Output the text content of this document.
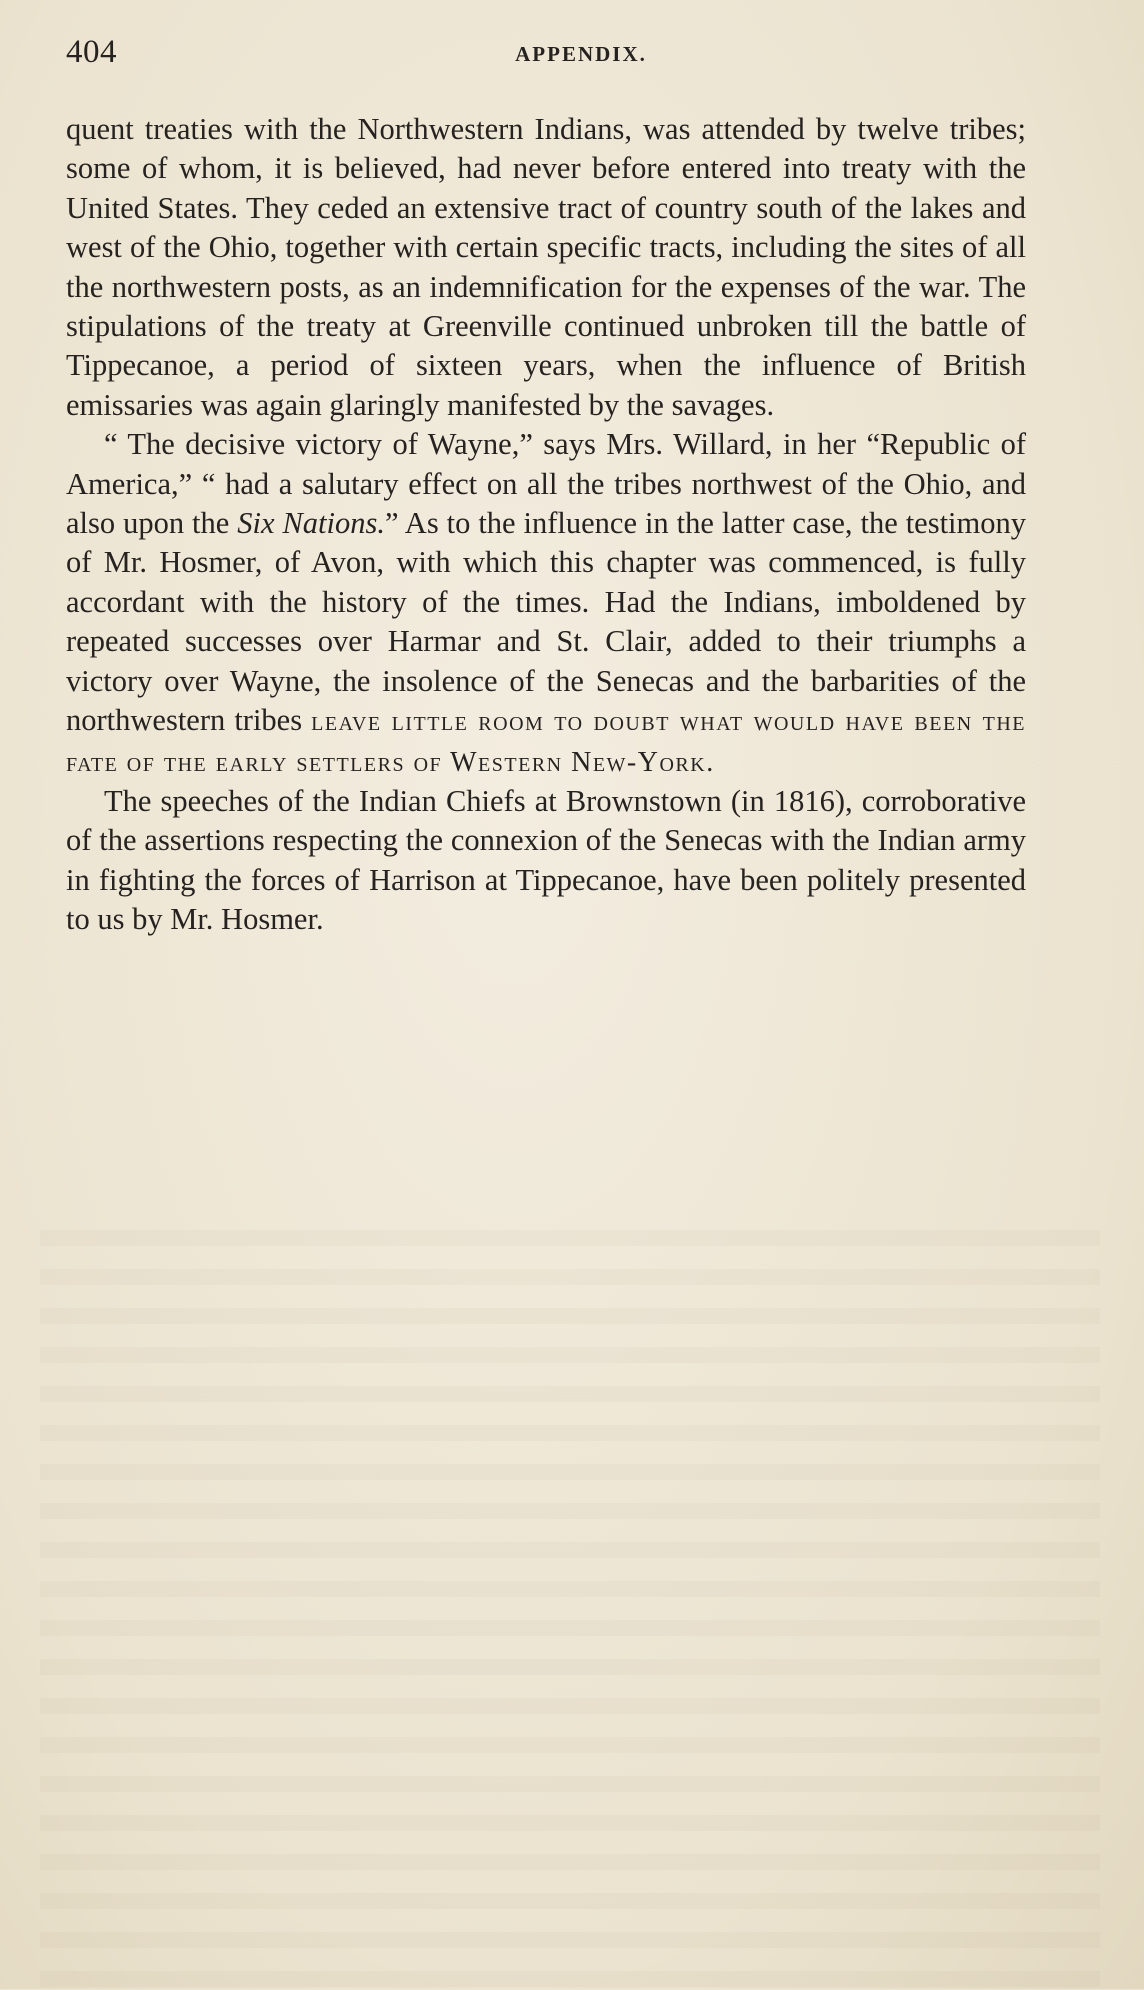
404	APPENDIX.

quent treaties with the Northwestern Indians, was attended by twelve tribes; some of whom, it is believed, had never before entered into treaty with the United States. They ceded an extensive tract of country south of the lakes and west of the Ohio, together with certain specific tracts, including the sites of all the northwestern posts, as an indemnification for the expenses of the war. The stipulations of the treaty at Greenville continued unbroken till the battle of Tippecanoe, a period of sixteen years, when the influence of British emissaries was again glaringly manifested by the savages.

“ The decisive victory of Wayne,” says Mrs. Willard, in her “Republic of America,” “ had a salutary effect on all the tribes northwest of the Ohio, and also upon the Six Nations.” As to the influence in the latter case, the testimony of Mr. Hosmer, of Avon, with which this chapter was commenced, is fully accordant with the history of the times. Had the Indians, imboldened by repeated successes over Harmar and St. Clair, added to their triumphs a victory over Wayne, the insolence of the Senecas and the barbarities of the northwestern tribes leave little room to doubt what would have been the fate of the early settlers of Western New-York.

The speeches of the Indian Chiefs at Brownstown (in 1816), corroborative of the assertions respecting the connexion of the Senecas with the Indian army in fighting the forces of Harrison at Tippecanoe, have been politely presented to us by Mr. Hosmer.
